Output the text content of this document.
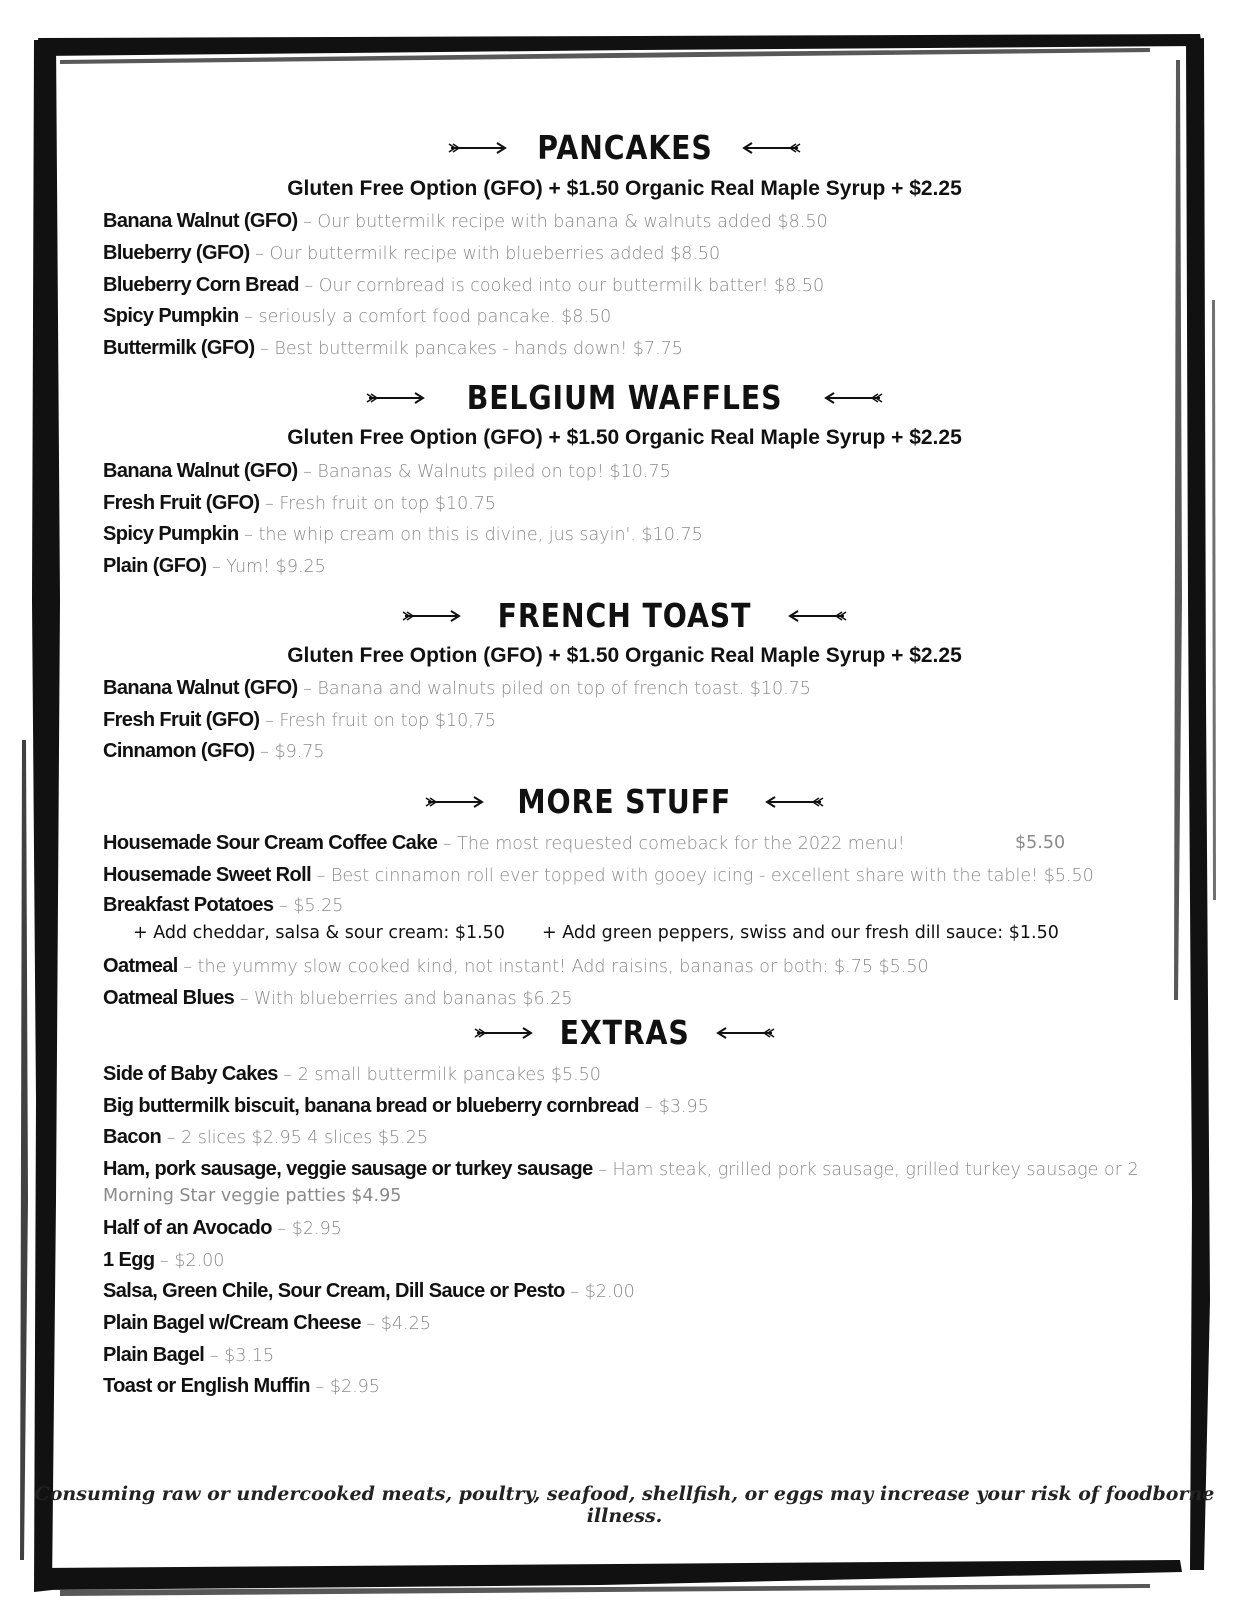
PANCAKES
Gluten Free Option (GFO) + $1.50 Organic Real Maple Syrup + $2.25
Banana Walnut (GFO) – Our buttermilk recipe with banana & walnuts added $8.50
Blueberry (GFO) – Our buttermilk recipe with blueberries added $8.50
Blueberry Corn Bread – Our cornbread is cooked into our buttermilk batter! $8.50
Spicy Pumpkin – seriously a comfort food pancake. $8.50
Buttermilk (GFO) – Best buttermilk pancakes - hands down! $7.75
BELGIUM WAFFLES
Gluten Free Option (GFO) + $1.50 Organic Real Maple Syrup + $2.25
Banana Walnut (GFO) – Bananas & Walnuts piled on top! $10.75
Fresh Fruit (GFO) – Fresh fruit on top $10.75
Spicy Pumpkin – the whip cream on this is divine, jus sayin'. $10.75
Plain (GFO) – Yum! $9.25
FRENCH TOAST
Gluten Free Option (GFO) + $1.50 Organic Real Maple Syrup + $2.25
Banana Walnut (GFO) – Banana and walnuts piled on top of french toast. $10.75
Fresh Fruit (GFO) – Fresh fruit on top $10,75
Cinnamon (GFO) – $9.75
MORE STUFF
Housemade Sour Cream Coffee Cake – The most requested comeback for the 2022 menu!	$5.50
Housemade Sweet Roll – Best cinnamon roll ever topped with gooey icing - excellent share with the table! $5.50
Breakfast Potatoes – $5.25
+ Add cheddar, salsa & sour cream: $1.50 + Add green peppers, swiss and our fresh dill sauce: $1.50
Oatmeal – the yummy slow cooked kind, not instant! Add raisins, bananas or both: $.75 $5.50
Oatmeal Blues – With blueberries and bananas $6.25
EXTRAS
Side of Baby Cakes – 2 small buttermilk pancakes $5.50
Big buttermilk biscuit, banana bread or blueberry cornbread – $3.95
Bacon – 2 slices $2.95 4 slices $5.25
Ham, pork sausage, veggie sausage or turkey sausage – Ham steak, grilled pork sausage, grilled turkey sausage or 2
Morning Star veggie patties $4.95
Half of an Avocado – $2.95
1 Egg – $2.00
Salsa, Green Chile, Sour Cream, Dill Sauce or Pesto – $2.00
Plain Bagel w/Cream Cheese – $4.25
Plain Bagel – $3.15
Toast or English Muffin – $2.95
Consuming raw or undercooked meats, poultry, seafood, shellfish, or eggs may increase your risk of foodborne illness.
